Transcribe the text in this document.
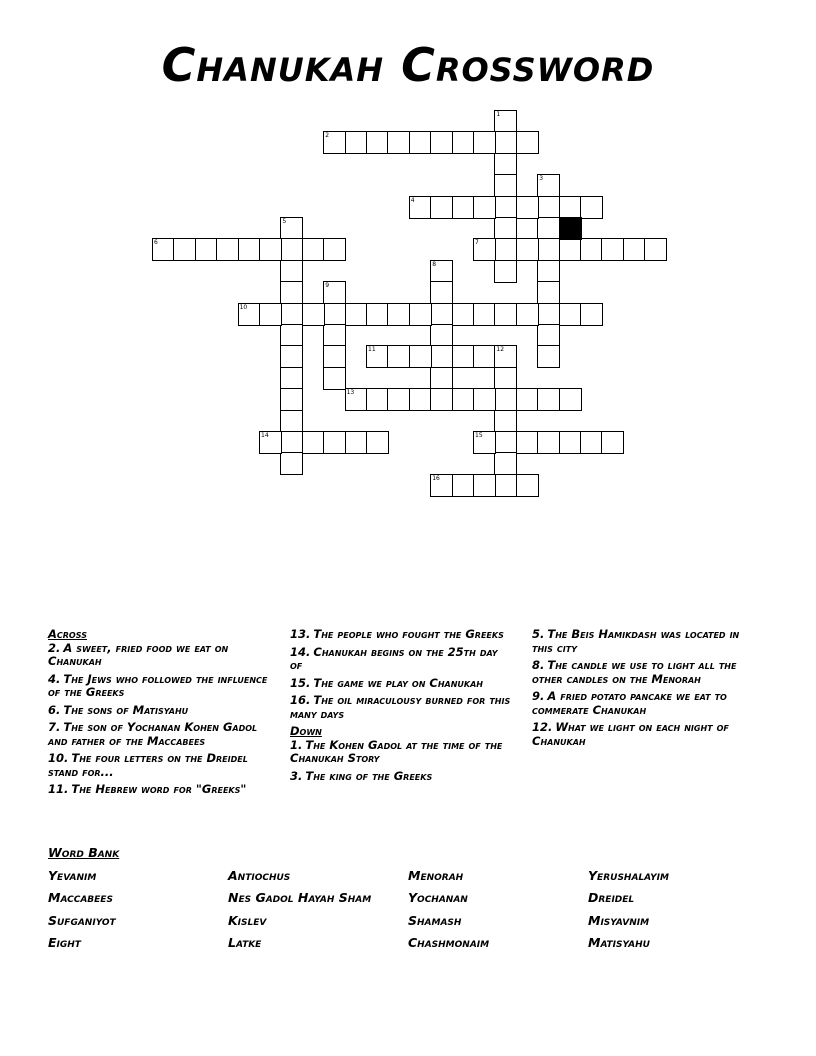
Chanukah Crossword
1
2
3
4
5
6	7
8
9
10
11	12
13
14	15
16
Across
2. A sweet, fried food we eat on Chanukah
4. The Jews who followed the influence of the Greeks
6. The sons of Matisyahu
7. The son of Yochanan Kohen Gadol and father of the Maccabees
10. The four letters on the Dreidel stand for...
11. The Hebrew word for "Greeks"
13. The people who fought the Greeks
14. Chanukah begins on the 25th day of
15. The game we play on Chanukah
16. The oil miraculousy burned for this many days
Down
1. The Kohen Gadol at the time of the Chanukah Story
3. The king of the Greeks
5. The Beis Hamikdash was located in this city
8. The candle we use to light all the other candles on the Menorah
9. A fried potato pancake we eat to commerate Chanukah
12. What we light on each night of Chanukah
Word Bank
Yevanim	Antiochus	Menorah	Yerushalayim
Maccabees	Nes Gadol Hayah Sham	Yochanan	Dreidel
Sufganiyot	Kislev	Shamash	Misyavnim
Eight	Latke	Chashmonaim	Matisyahu
